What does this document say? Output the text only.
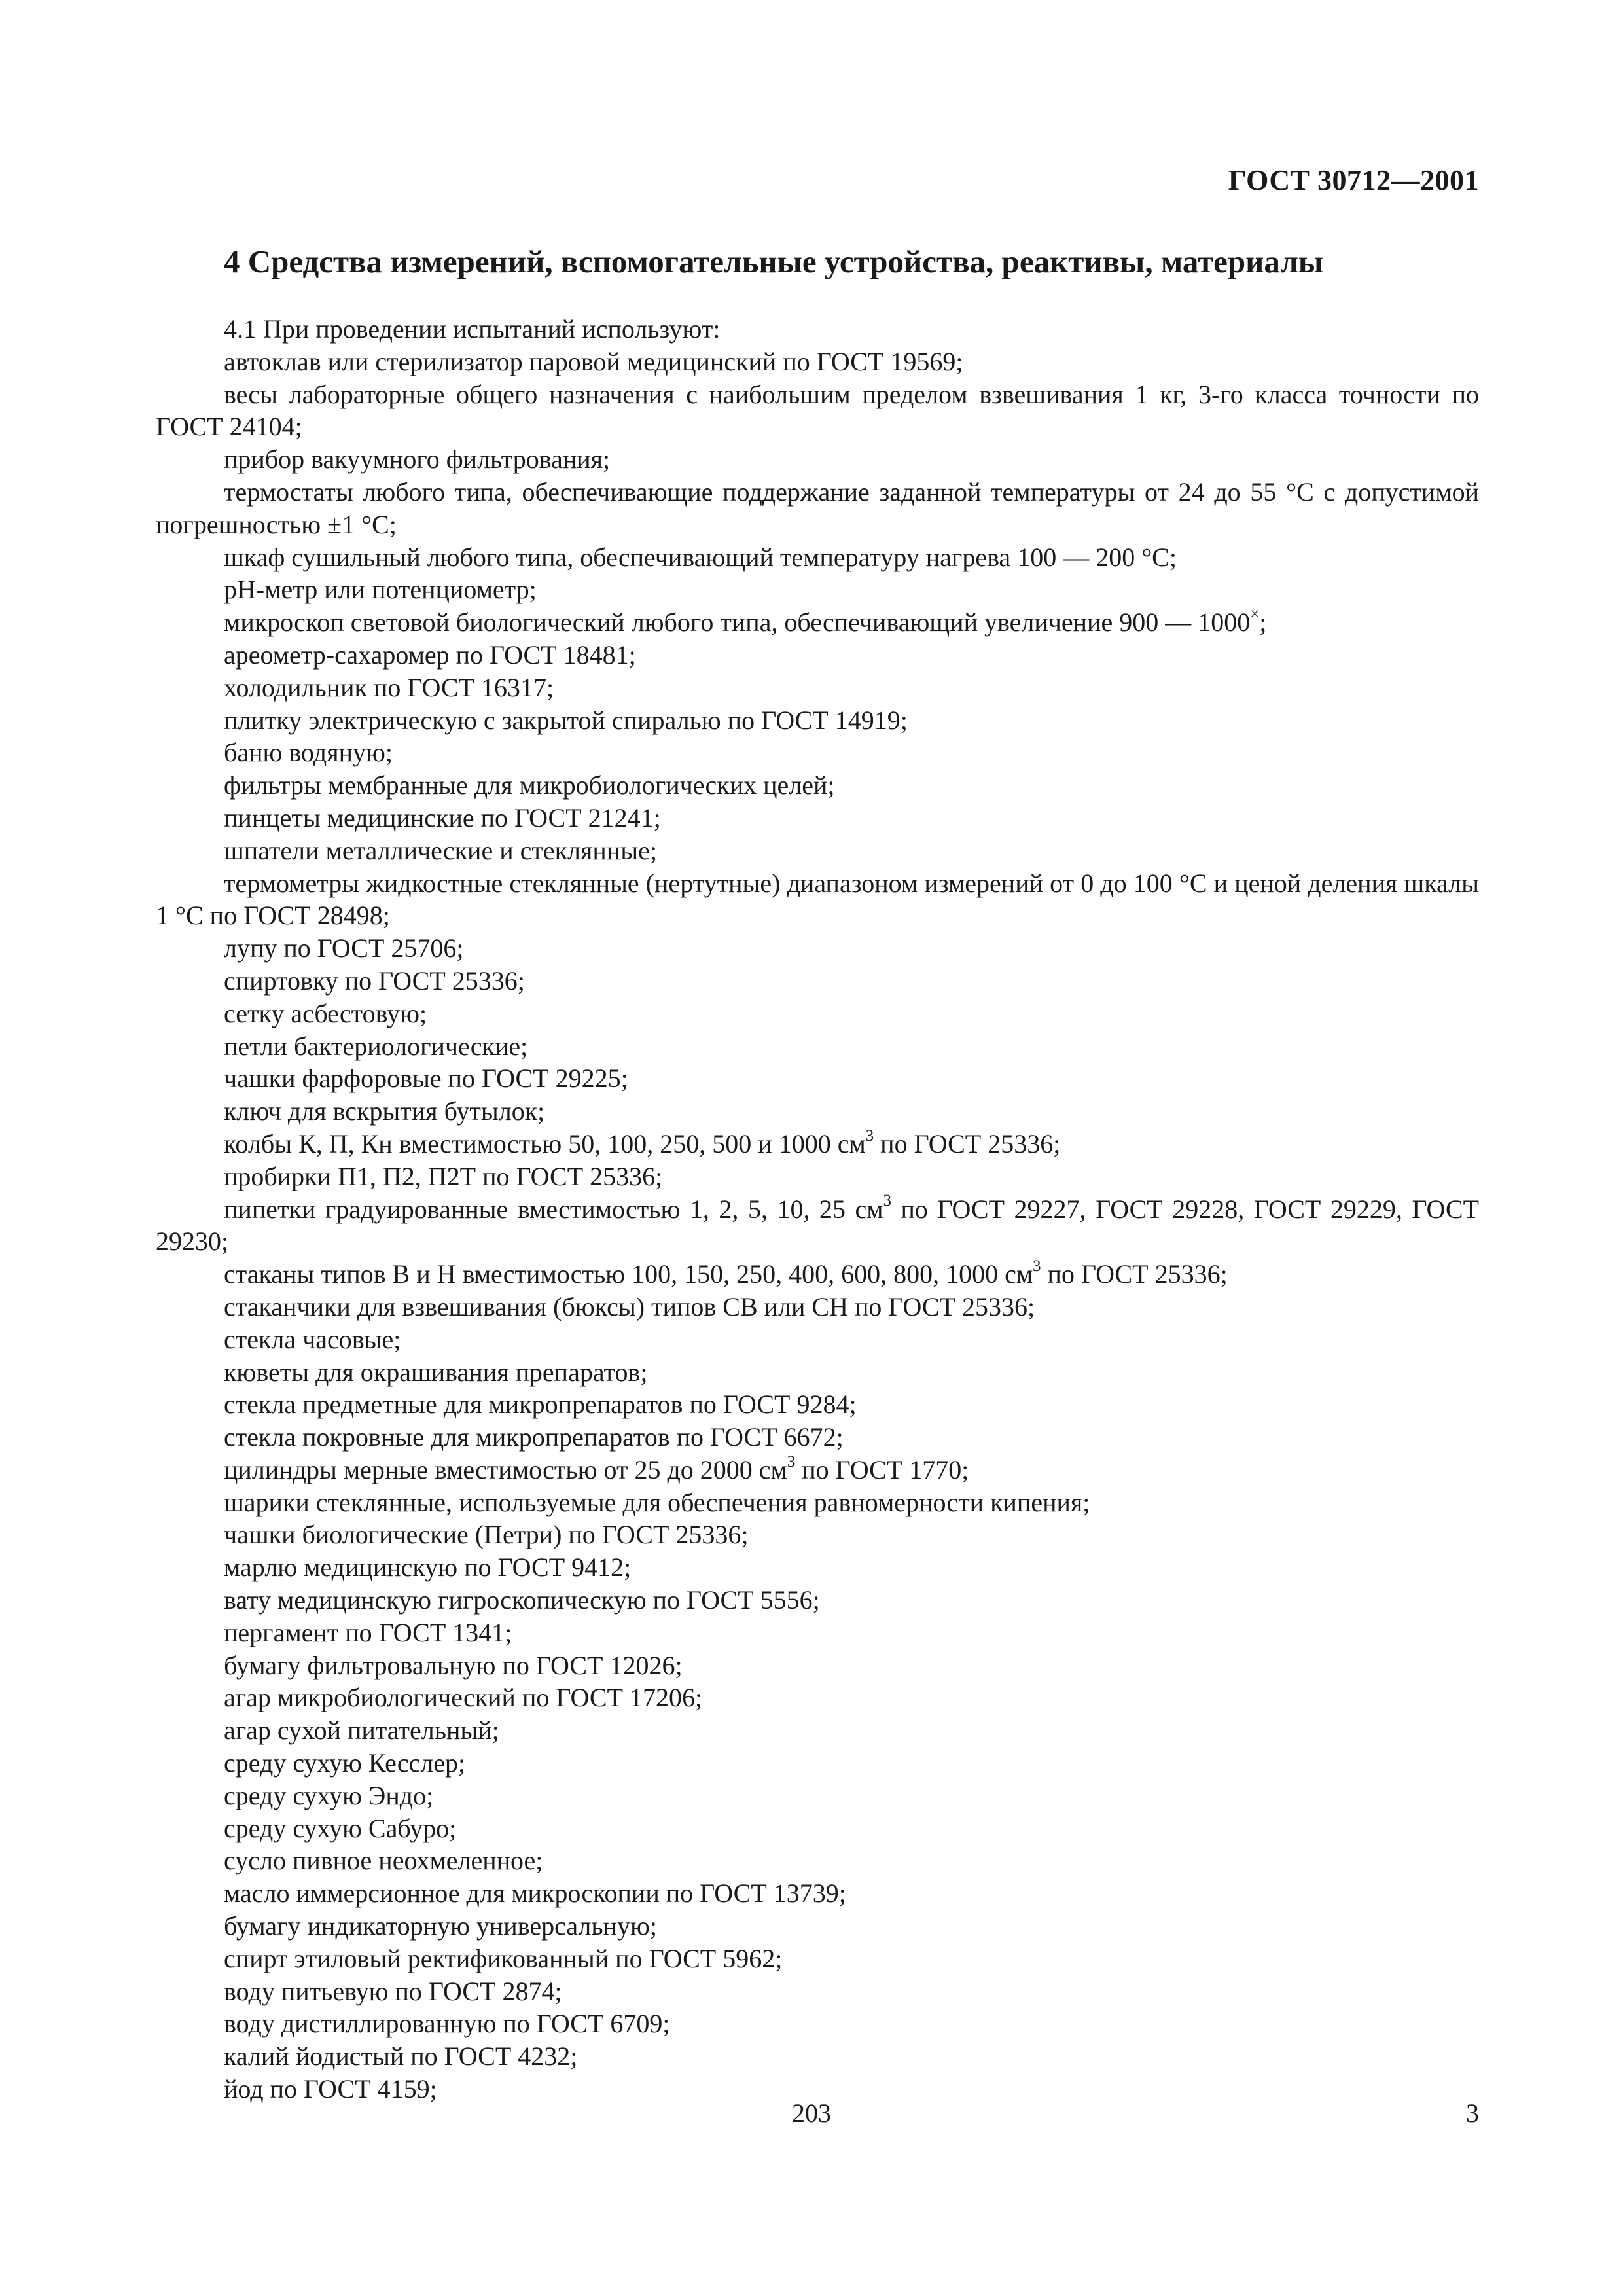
ГОСТ 30712—2001
4 Средства измерений, вспомогательные устройства, реактивы, материалы

4.1 При проведении испытаний используют:

автоклав или стерилизатор паровой медицинский по ГОСТ 19569;

весы лабораторные общего назначения с наибольшим пределом взвешивания 1 кг, 3-го класса точности по ГОСТ 24104;

прибор вакуумного фильтрования;

термостаты любого типа, обеспечивающие поддержание заданной температуры от 24 до 55 °С с допустимой погрешностью ±1 °С;

шкаф сушильный любого типа, обеспечивающий температуру нагрева 100 — 200 °С;

рН-метр или потенциометр;

микроскоп световой биологический любого типа, обеспечивающий увеличение 900 — 1000×;

ареометр-сахаромер по ГОСТ 18481;

холодильник по ГОСТ 16317;

плитку электрическую с закрытой спиралью по ГОСТ 14919;

баню водяную;

фильтры мембранные для микробиологических целей;

пинцеты медицинские по ГОСТ 21241;

шпатели металлические и стеклянные;

термометры жидкостные стеклянные (нертутные) диапазоном измерений от 0 до 100 °С и ценой деления шкалы 1 °С по ГОСТ 28498;

лупу по ГОСТ 25706;

спиртовку по ГОСТ 25336;

сетку асбестовую;

петли бактериологические;

чашки фарфоровые по ГОСТ 29225;

ключ для вскрытия бутылок;

колбы К, П, Кн вместимостью 50, 100, 250, 500 и 1000 $см^3$ по ГОСТ 25336;

пробирки П1, П2, П2Т по ГОСТ 25336;

пипетки градуированные вместимостью 1, 2, 5, 10, 25 $см^3$ по ГОСТ 29227, ГОСТ 29228, ГОСТ 29229, ГОСТ 29230;

стаканы типов В и Н вместимостью 100, 150, 250, 400, 600, 800, 1000 $см^3$ по ГОСТ 25336;

стаканчики для взвешивания (бюксы) типов СВ или СН по ГОСТ 25336;

стекла часовые;

кюветы для окрашивания препаратов;

стекла предметные для микропрепаратов по ГОСТ 9284;

стекла покровные для микропрепаратов по ГОСТ 6672;

цилиндры мерные вместимостью от 25 до 2000 $см^3$ по ГОСТ 1770;

шарики стеклянные, используемые для обеспечения равномерности кипения;

чашки биологические (Петри) по ГОСТ 25336;

марлю медицинскую по ГОСТ 9412;

вату медицинскую гигроскопическую по ГОСТ 5556;

пергамент по ГОСТ 1341;

бумагу фильтровальную по ГОСТ 12026;

агар микробиологический по ГОСТ 17206;

агар сухой питательный;

среду сухую Кесслер;

среду сухую Эндо;

среду сухую Сабуро;

сусло пивное неохмеленное;

масло иммерсионное для микроскопии по ГОСТ 13739;

бумагу индикаторную универсальную;

спирт этиловый ректификованный по ГОСТ 5962;

воду питьевую по ГОСТ 2874;

воду дистиллированную по ГОСТ 6709;

калий йодистый по ГОСТ 4232;

йод по ГОСТ 4159;

203	3
